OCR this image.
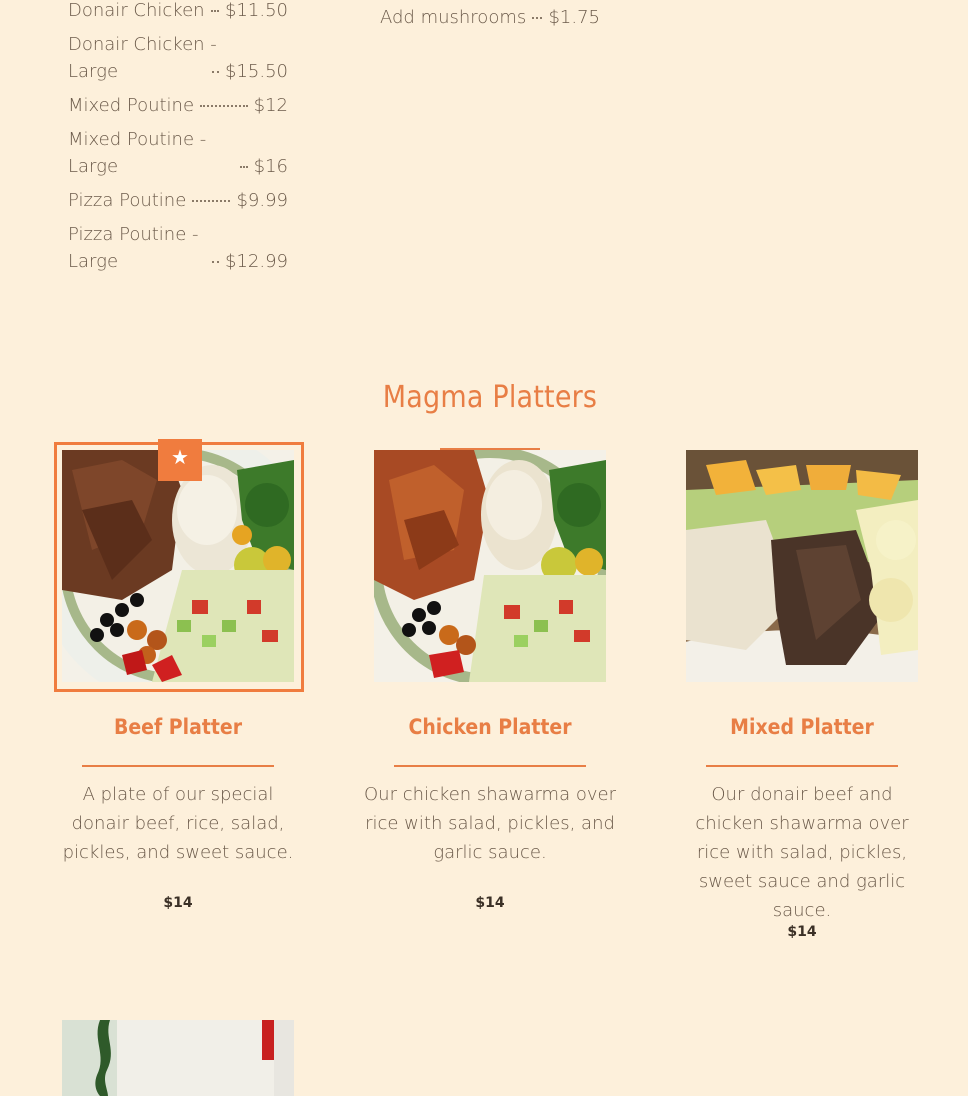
Donair Chicken $11.50
Donair Chicken -
Large	$15.50
Mixed Poutine	$12
Mixed Poutine -
Large	$16
Pizza Poutine	$9.99
Pizza Poutine -
Large	$12.99
Add mushrooms $1.75
Magma Platters
★
Beef Platter
A plate of our special donair beef, rice, salad, pickles, and sweet sauce.
$14
Chicken Platter
Our chicken shawarma over rice with salad, pickles, and garlic sauce.
$14
Mixed Platter
Our donair beef and chicken shawarma over rice with salad, pickles, sweet sauce and garlic sauce.
$14
